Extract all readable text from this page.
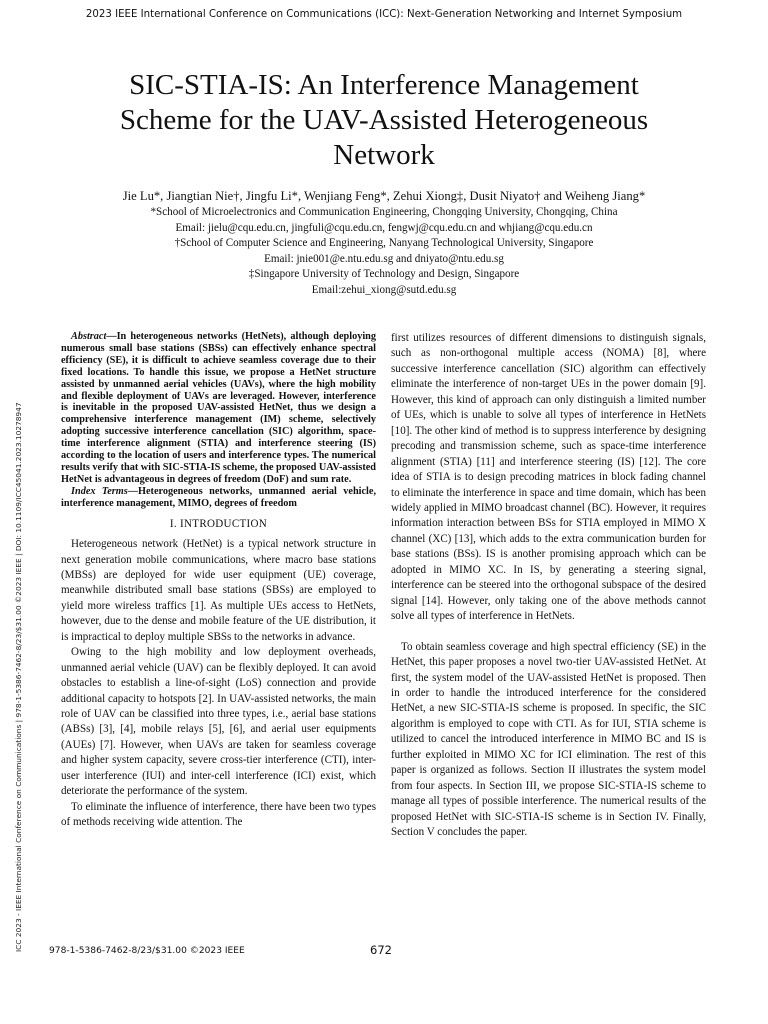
2023 IEEE International Conference on Communications (ICC): Next-Generation Networking and Internet Symposium
SIC-STIA-IS: An Interference Management
Scheme for the UAV-Assisted Heterogeneous
Network
Jie Lu*, Jiangtian Nie†, Jingfu Li*, Wenjiang Feng*, Zehui Xiong‡, Dusit Niyato† and Weiheng Jiang*

*School of Microelectronics and Communication Engineering, Chongqing University, Chongqing, China

Email: jielu@cqu.edu.cn, jingfuli@cqu.edu.cn, fengwj@cqu.edu.cn and whjiang@cqu.edu.cn

†School of Computer Science and Engineering, Nanyang Technological University, Singapore

Email: jnie001@e.ntu.edu.sg and dniyato@ntu.edu.sg

‡Singapore University of Technology and Design, Singapore

Email:zehui_xiong@sutd.edu.sg

ICC 2023 - IEEE International Conference on Communications | 978-1-5386-7462-8/23/$31.00 ©2023 IEEE | DOI: 10.1109/ICC45041.2023.10278947

Abstract—In heterogeneous networks (HetNets), although deploying numerous small base stations (SBSs) can effectively enhance spectral efficiency (SE), it is difficult to achieve seamless coverage due to their fixed locations. To handle this issue, we propose a HetNet structure assisted by unmanned aerial vehicles (UAVs), where the high mobility and flexible deployment of UAVs are leveraged. However, interference is inevitable in the proposed UAV-assisted HetNet, thus we design a comprehensive interference management (IM) scheme, selectively adopting successive interference cancellation (SIC) algorithm, space-time interference alignment (STIA) and interference steering (IS) according to the location of users and interference types. The numerical results verify that with SIC-STIA-IS scheme, the proposed UAV-assisted HetNet is advantageous in degrees of freedom (DoF) and sum rate.

Index Terms—Heterogeneous networks, unmanned aerial vehicle, interference management, MIMO, degrees of freedom

I. INTRODUCTION

Heterogeneous network (HetNet) is a typical network structure in next generation mobile communications, where macro base stations (MBSs) are deployed for wide user equipment (UE) coverage, meanwhile distributed small base stations (SBSs) are employed to yield more wireless traffics [1]. As multiple UEs access to HetNets, however, due to the dense and mobile feature of the UE distribution, it is impractical to deploy multiple SBSs to the networks in advance.

Owing to the high mobility and low deployment overheads, unmanned aerial vehicle (UAV) can be flexibly deployed. It can avoid obstacles to establish a line-of-sight (LoS) connection and provide additional capacity to hotspots [2]. In UAV-assisted networks, the main role of UAV can be classified into three types, i.e., aerial base stations (ABSs) [3], [4], mobile relays [5], [6], and aerial user equipments (AUEs) [7]. However, when UAVs are taken for seamless coverage and higher system capacity, severe cross-tier interference (CTI), inter-user interference (IUI) and inter-cell interference (ICI) exist, which deteriorate the performance of the system.

To eliminate the influence of interference, there have been two types of methods receiving wide attention. The

first utilizes resources of different dimensions to distinguish signals, such as non-orthogonal multiple access (NOMA) [8], where successive interference cancellation (SIC) algorithm can effectively eliminate the interference of non-target UEs in the power domain [9]. However, this kind of approach can only distinguish a limited number of UEs, which is unable to solve all types of interference in HetNets [10]. The other kind of method is to suppress interference by designing precoding and transmission scheme, such as space-time interference alignment (STIA) [11] and interference steering (IS) [12]. The core idea of STIA is to design precoding matrices in block fading channel to eliminate the interference in space and time domain, which has been widely applied in MIMO broadcast channel (BC). However, it requires information interaction between BSs for STIA employed in MIMO X channel (XC) [13], which adds to the extra communication burden for base stations (BSs). IS is another promising approach which can be adopted in MIMO XC. In IS, by generating a steering signal, interference can be steered into the orthogonal subspace of the desired signal [14]. However, only taking one of the above methods cannot solve all types of interference in HetNets.

To obtain seamless coverage and high spectral efficiency (SE) in the HetNet, this paper proposes a novel two-tier UAV-assisted HetNet. At first, the system model of the UAV-assisted HetNet is proposed. Then in order to handle the introduced interference for the considered HetNet, a new SIC-STIA-IS scheme is proposed. In specific, the SIC algorithm is employed to cope with CTI. As for IUI, STIA scheme is utilized to cancel the introduced interference in MIMO BC and IS is further exploited in MIMO XC for ICI elimination. The rest of this paper is organized as follows. Section II illustrates the system model from four aspects. In Section III, we propose SIC-STIA-IS scheme to manage all types of possible interference. The numerical results of the proposed HetNet with SIC-STIA-IS scheme is in Section IV. Finally, Section V concludes the paper.

978-1-5386-7462-8/23/$31.00 ©2023 IEEE	672
